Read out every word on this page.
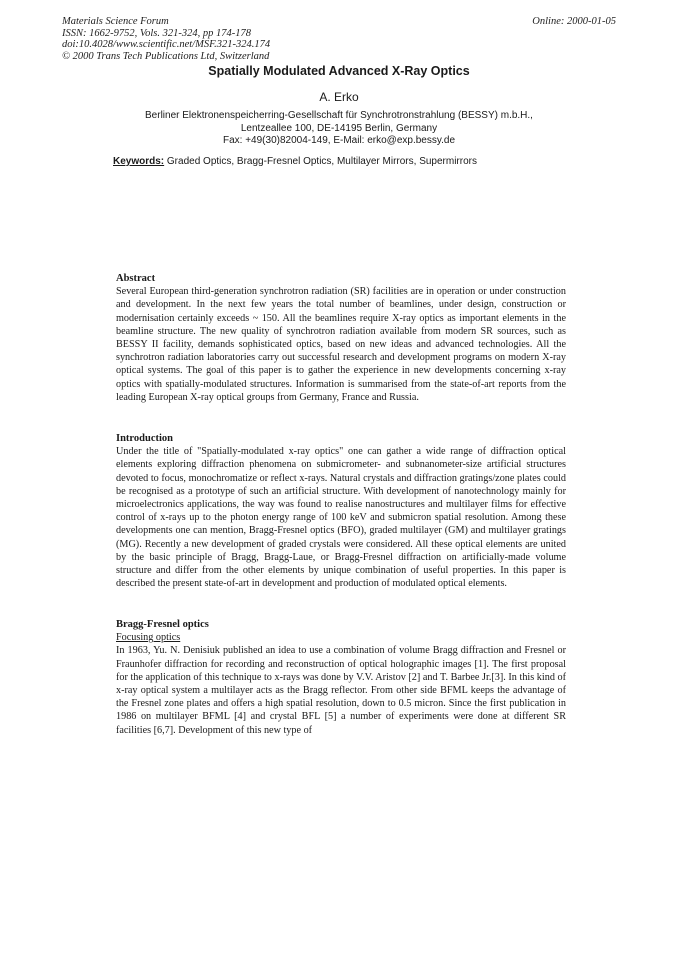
Materials Science Forum
ISSN: 1662-9752, Vols. 321-324, pp 174-178
doi:10.4028/www.scientific.net/MSF.321-324.174
© 2000 Trans Tech Publications Ltd, Switzerland
Online: 2000-01-05
Spatially Modulated Advanced X-Ray Optics
A. Erko
Berliner Elektronenspeicherring-Gesellschaft für Synchrotronstrahlung (BESSY) m.b.H.,
Lentzeallee 100, DE-14195 Berlin, Germany
Fax: +49(30)82004-149, E-Mail: erko@exp.bessy.de
Keywords: Graded Optics, Bragg-Fresnel Optics, Multilayer Mirrors, Supermirrors
Abstract

Several European third-generation synchrotron radiation (SR) facilities are in operation or under construction and development. In the next few years the total number of beamlines, under design, construction or modernisation certainly exceeds ~ 150. All the beamlines require X-ray optics as important elements in the beamline structure. The new quality of synchrotron radiation available from modern SR sources, such as BESSY II facility, demands sophisticated optics, based on new ideas and advanced technologies. All the synchrotron radiation laboratories carry out successful research and development programs on modern X-ray optical systems. The goal of this paper is to gather the experience in new developments concerning x-ray optics with spatially-modulated structures. Information is summarised from the state-of-art reports from the leading European X-ray optical groups from Germany, France and Russia.

Introduction

Under the title of "Spatially-modulated x-ray optics" one can gather a wide range of diffraction optical elements exploring diffraction phenomena on submicrometer- and subnanometer-size artificial structures devoted to focus, monochromatize or reflect x-rays. Natural crystals and diffraction gratings/zone plates could be recognised as a prototype of such an artificial structure. With development of nanotechnology mainly for microelectronics applications, the way was found to realise nanostructures and multilayer films for effective control of x-rays up to the photon energy range of 100 keV and submicron spatial resolution. Among these developments one can mention, Bragg-Fresnel optics (BFO), graded multilayer (GM) and multilayer gratings (MG). Recently a new development of graded crystals were considered. All these optical elements are united by the basic principle of Bragg, Bragg-Laue, or Bragg-Fresnel diffraction on artificially-made volume structure and differ from the other elements by unique combination of useful properties. In this paper is described the present state-of-art in development and production of modulated optical elements.

Bragg-Fresnel optics
Focusing optics

In 1963, Yu. N. Denisiuk published an idea to use a combination of volume Bragg diffraction and Fresnel or Fraunhofer diffraction for recording and reconstruction of optical holographic images [1]. The first proposal for the application of this technique to x-rays was done by V.V. Aristov [2] and T. Barbee Jr.[3]. In this kind of x-ray optical system a multilayer acts as the Bragg reflector. From other side BFML keeps the advantage of the Fresnel zone plates and offers a high spatial resolution, down to 0.5 micron. Since the first publication in 1986 on multilayer BFML [4] and crystal BFL [5] a number of experiments were done at different SR facilities [6,7]. Development of this new type of
